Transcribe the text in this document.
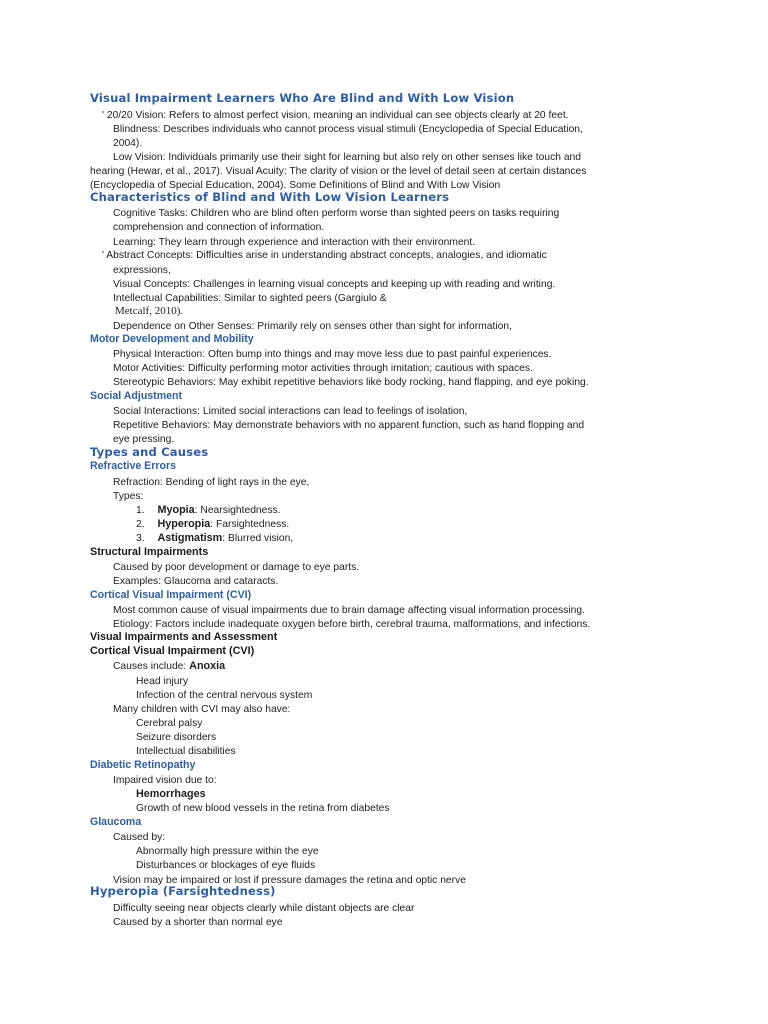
Visual Impairment Learners Who Are Blind and With Low Vision
' 20/20 Vision: Refers to almost perfect vision, meaning an individual can see objects clearly at 20 feet.
Blindness: Describes individuals who cannot process visual stimuli (Encyclopedia of Special Education,
2004).
Low Vision: Individuals primarily use their sight for learning but also rely on other senses like touch and
hearing (Hewar, et al., 2017). Visual Acuity: The clarity of vision or the level of detail seen at certain distances
(Encyclopedia of Special Education, 2004). Some Definitions of Blind and With Low Vision
Characteristics of Blind and With Low Vision Learners
Cognitive Tasks: Children who are blind often perform worse than sighted peers on tasks requiring
comprehension and connection of information.
Learning: They learn through experience and interaction with their environment.
' Abstract Concepts: Difficulties arise in understanding abstract concepts, analogies, and idiomatic
expressions,
Visual Concepts: Challenges in learning visual concepts and keeping up with reading and writing.
Intellectual Capabilities: Similar to sighted peers (Gargiulo &
Metcalf, 2010).
Dependence on Other Senses: Primarily rely on senses other than sight for information,
Motor Development and Mobility
Physical Interaction: Often bump into things and may move less due to past painful experiences.
Motor Activities: Difficulty performing motor activities through imitation; cautious with spaces.
Stereotypic Behaviors: May exhibit repetitive behaviors like body rocking, hand flapping, and eye poking.
Social Adjustment
Social Interactions: Limited social interactions can lead to feelings of isolation,
Repetitive Behaviors: May demonstrate behaviors with no apparent function, such as hand flopping and
eye pressing.
Types and Causes
Refractive Errors
Refraction: Bending of light rays in the eye,
Types:
1. Myopia: Nearsightedness.
2. Hyperopia: Farsightedness.
3. Astigmatism: Blurred vision,
Structural Impairments
Caused by poor development or damage to eye parts.
Examples: Glaucoma and cataracts.
Cortical Visual Impairment (CVI)
Most common cause of visual impairments due to brain damage affecting visual information processing.
Etiology: Factors include inadequate oxygen before birth, cerebral trauma, malformations, and infections.
Visual Impairments and Assessment
Cortical Visual Impairment (CVI)
Causes include: Anoxia
Head injury
Infection of the central nervous system
Many children with CVI may also have:
Cerebral palsy
Seizure disorders
Intellectual disabilities
Diabetic Retinopathy
Impaired vision due to:
Hemorrhages
Growth of new blood vessels in the retina from diabetes
Glaucoma
Caused by:
Abnormally high pressure within the eye
Disturbances or blockages of eye fluids
Vision may be impaired or lost if pressure damages the retina and optic nerve
Hyperopia (Farsightedness)
Difficulty seeing near objects clearly while distant objects are clear
Caused by a shorter than normal eye
